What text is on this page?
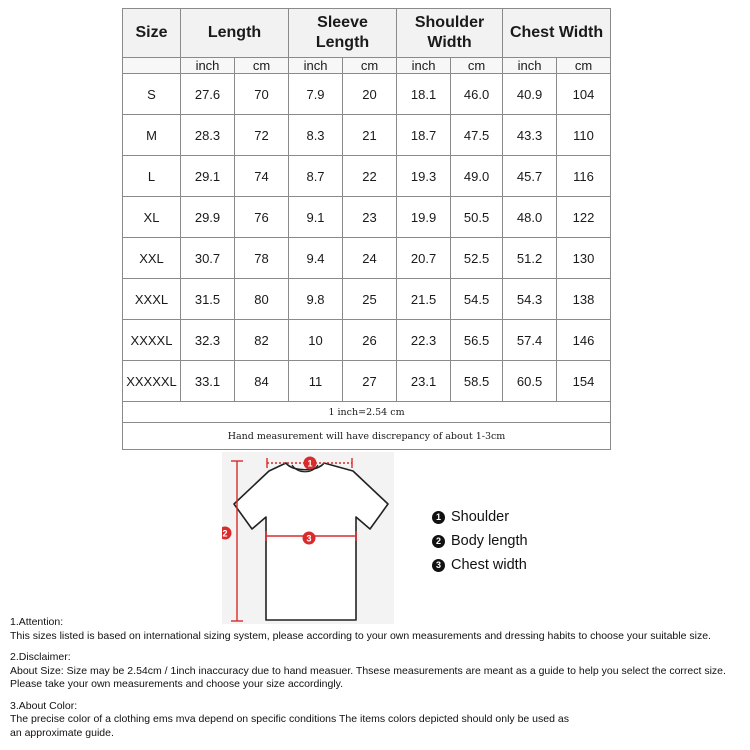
Size	Length		Sleeve
Length		Shoulder
Width		Chest Width	
	inch	cm	inch	cm	inch	cm	inch	cm
S	27.6	70	7.9	20	18.1	46.0	40.9	104
M	28.3	72	8.3	21	18.7	47.5	43.3	110
L	29.1	74	8.7	22	19.3	49.0	45.7	116
XL	29.9	76	9.1	23	19.9	50.5	48.0	122
XXL	30.7	78	9.4	24	20.7	52.5	51.2	130
XXXL	31.5	80	9.8	25	21.5	54.5	54.3	138
XXXXL	32.3	82	10	26	22.3	56.5	57.4	146
XXXXXL	33.1	84	11	27	23.1	58.5	60.5	154
1 inch=2.54 cm								
Hand measurement will have discrepancy of about 1-3cm								
1
2	3
1 Shoulder
2 Body length
3 Chest width

1.Attention:

This sizes listed is based on international sizing system, please according to your own measurements and dressing habits to choose your suitable size.

2.Disclaimer:

About Size: Size may be 2.54cm / 1inch inaccuracy due to hand measuer. Thsese measurements are meant as a guide to help you select the correct size.

Please take your own measurements and choose your size accordingly.

3.About Color:

The precise color of a clothing ems mva depend on specific conditions The items colors depicted should only be used as

an approximate guide.
